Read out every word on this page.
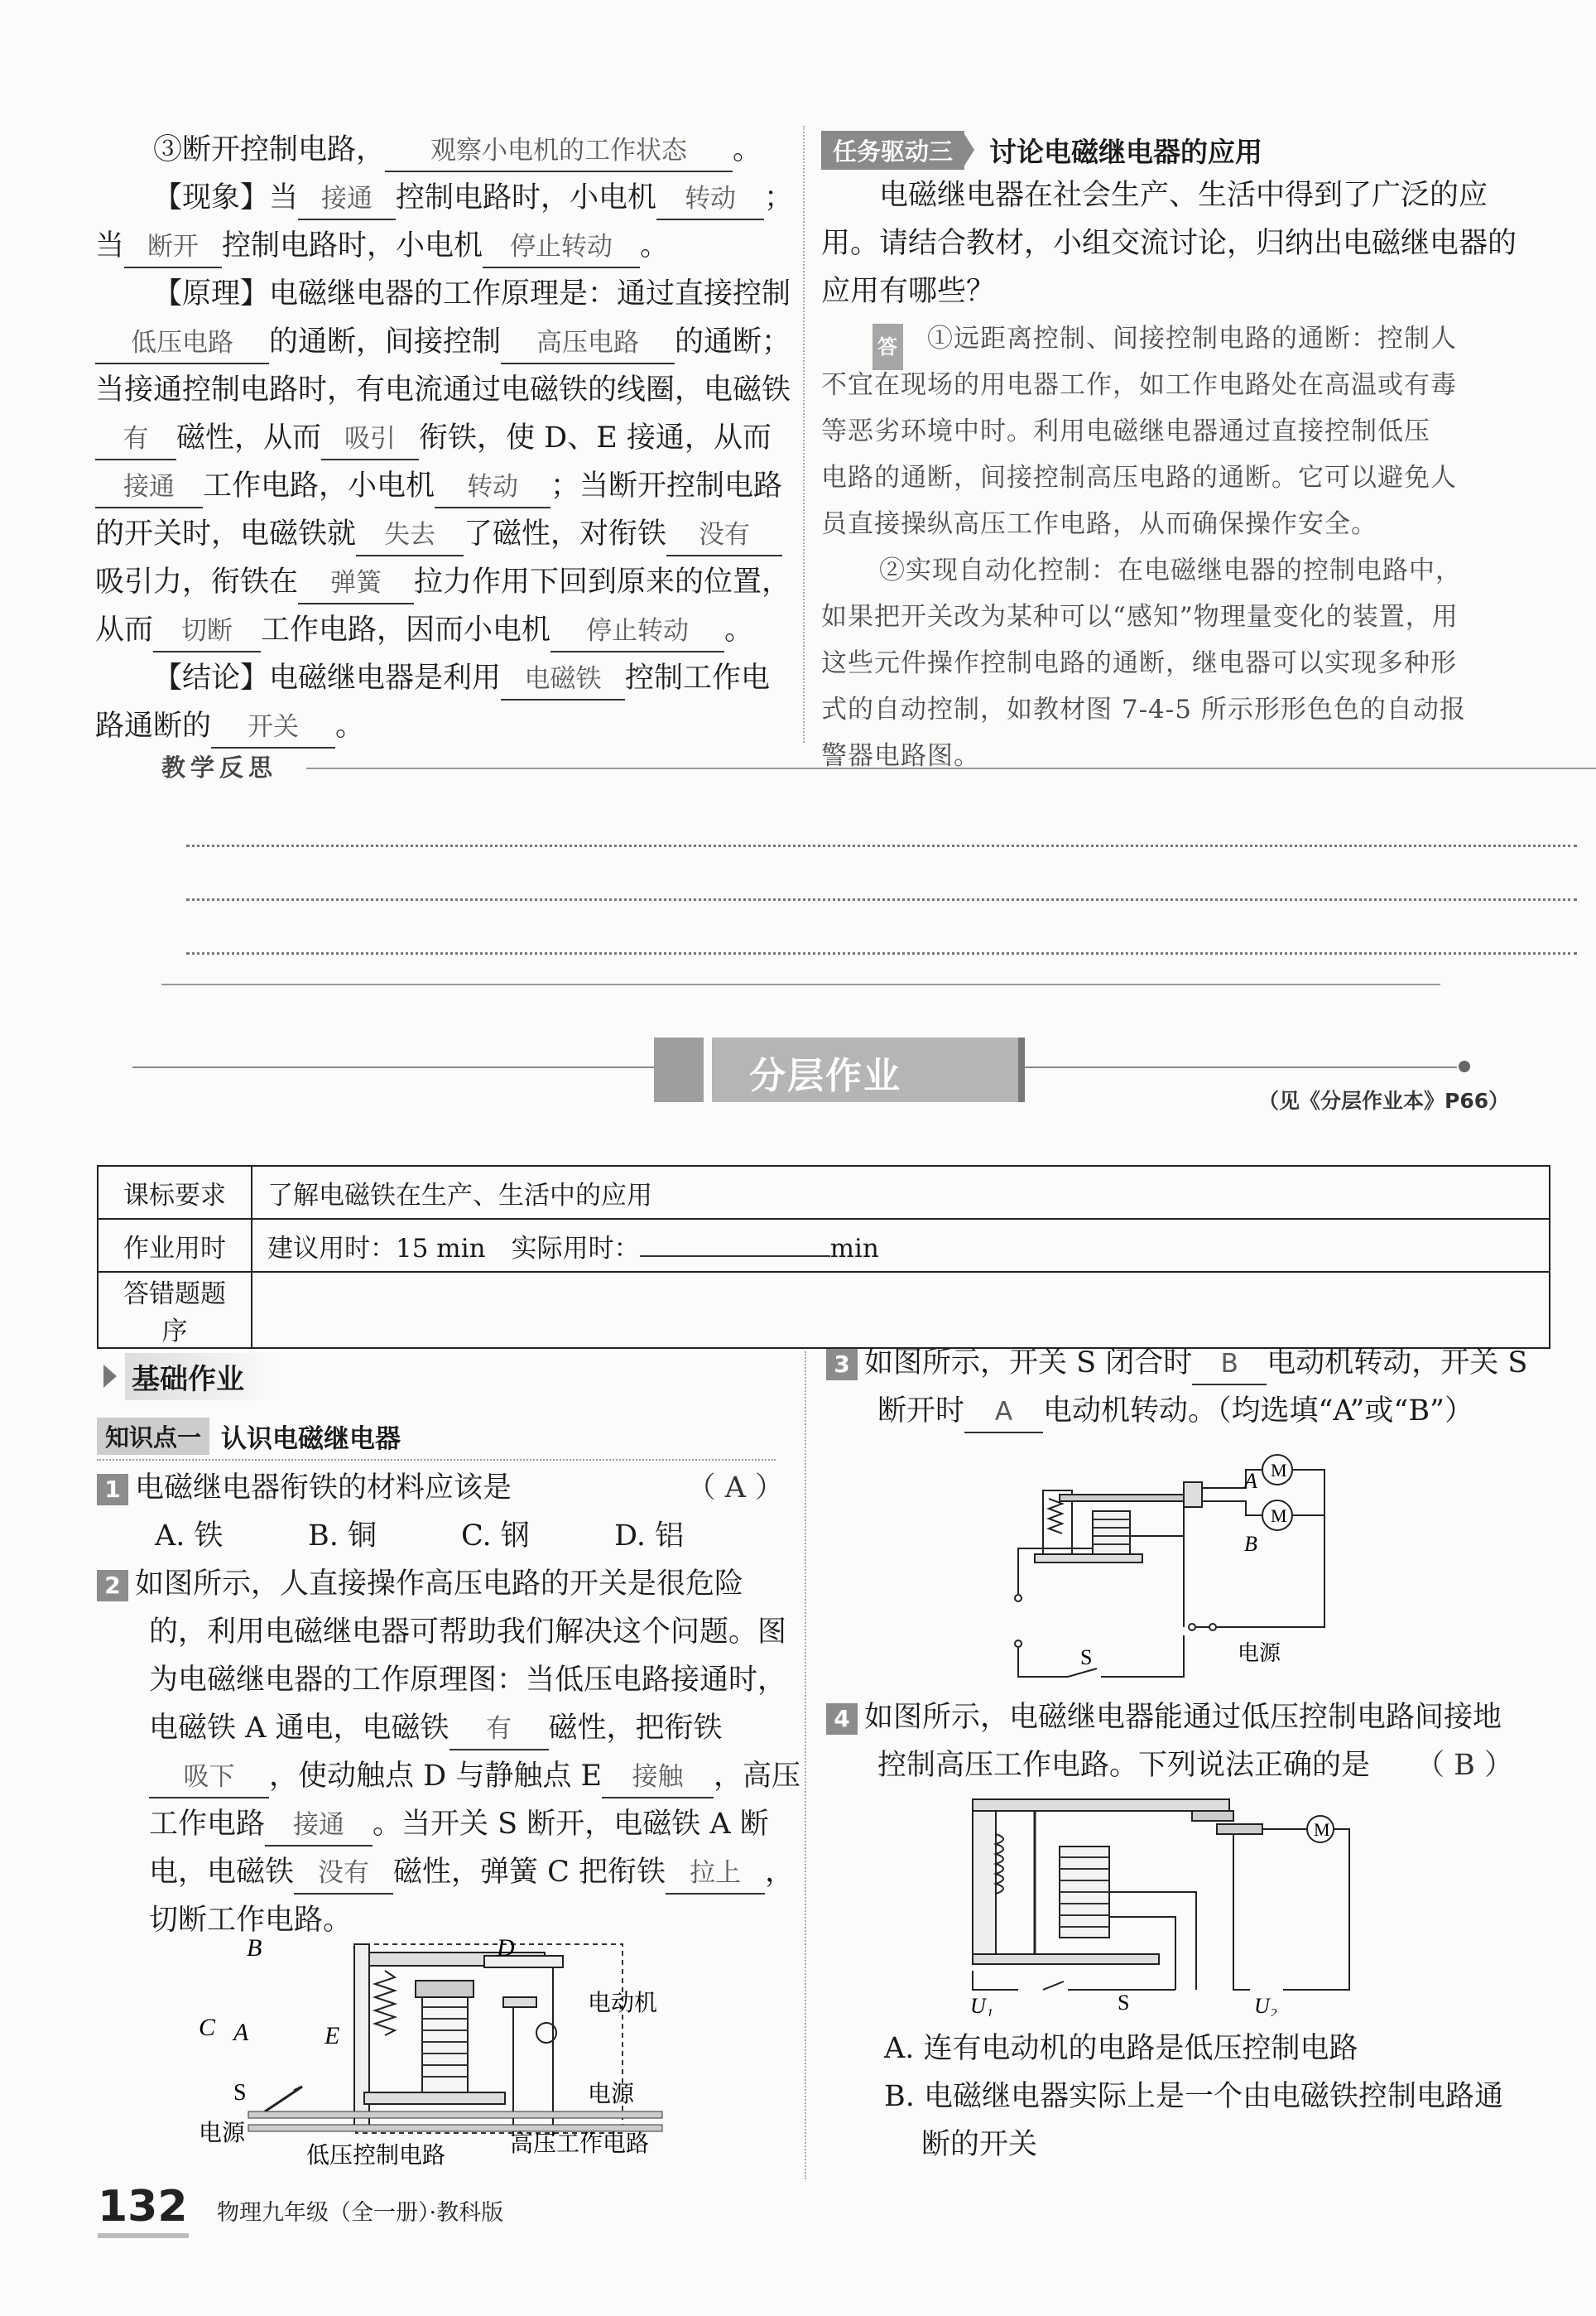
③断开控制电路， 观察小电机的工作状态 。
【现象】当 接通 控制电路时，小电机 转动 ；
当 断开 控制电路时，小电机 停止转动 。
【原理】电磁继电器的工作原理是：通过直接控制
低压电路 的通断，间接控制 高压电路 的通断；
当接通控制电路时，有电流通过电磁铁的线圈，电磁铁
有 磁性，从而 吸引 衔铁，使 D、E 接通，从而
接通 工作电路，小电机 转动 ；当断开控制电路
的开关时，电磁铁就 失去 了磁性，对衔铁 没有
吸引力，衔铁在 弹簧 拉力作用下回到原来的位置，
从而 切断 工作电路，因而小电机 停止转动 。
【结论】电磁继电器是利用 电磁铁 控制工作电
路通断的 开关 。
任务驱动三	讨论电磁继电器的应用
电磁继电器在社会生产、生活中得到了广泛的应
用。请结合教材，小组交流讨论，归纳出电磁继电器的
应用有哪些？
答 ①远距离控制、间接控制电路的通断：控制人
不宜在现场的用电器工作，如工作电路处在高温或有毒
等恶劣环境中时。利用电磁继电器通过直接控制低压
电路的通断，间接控制高压电路的通断。它可以避免人
员直接操纵高压工作电路，从而确保操作安全。
②实现自动化控制：在电磁继电器的控制电路中，
如果把开关改为某种可以“感知”物理量变化的装置，用
这些元件操作控制电路的通断，继电器可以实现多种形
式的自动控制，如教材图 7-4-5 所示形形色色的自动报
警器电路图。
教学反思
分层作业
（见《分层作业本》P66）
课标要求	了解电磁铁在生产、生活中的应用
作业用时	建议用时：15 min　实际用时： min
答错题题序	
基础作业
知识点一 认识电磁继电器
1 电磁继电器衔铁的材料应该是	（ A ）
A. 铁	B. 铜	C. 钢	D. 铝
2 如图所示，人直接操作高压电路的开关是很危险
的，利用电磁继电器可帮助我们解决这个问题。图
为电磁继电器的工作原理图：当低压电路接通时，
电磁铁 A 通电，电磁铁 有 磁性，把衔铁
吸下 ，使动触点 D 与静触点 E 接触 ，高压
工作电路 接通 。当开关 S 断开，电磁铁 A 断
电，电磁铁 没有 磁性，弹簧 C 把衔铁 拉上 ，
切断工作电路。
B	D
C A	E
S
电动机
电源
电源
低压控制电路	高压工作电路
3 如图所示，开关 S 闭合时 B 电动机转动，开关 S
断开时 A 电动机转动。（均选填“A”或“B”）
M
M
A
B
S	电源
4 如图所示，电磁继电器能通过低压控制电路间接地
控制高压工作电路。下列说法正确的是 （ B ）
M
U₁	S	U₂
A. 连有电动机的电路是低压控制电路
B. 电磁继电器实际上是一个由电磁铁控制电路通
断的开关
132 物理九年级（全一册）·教科版
